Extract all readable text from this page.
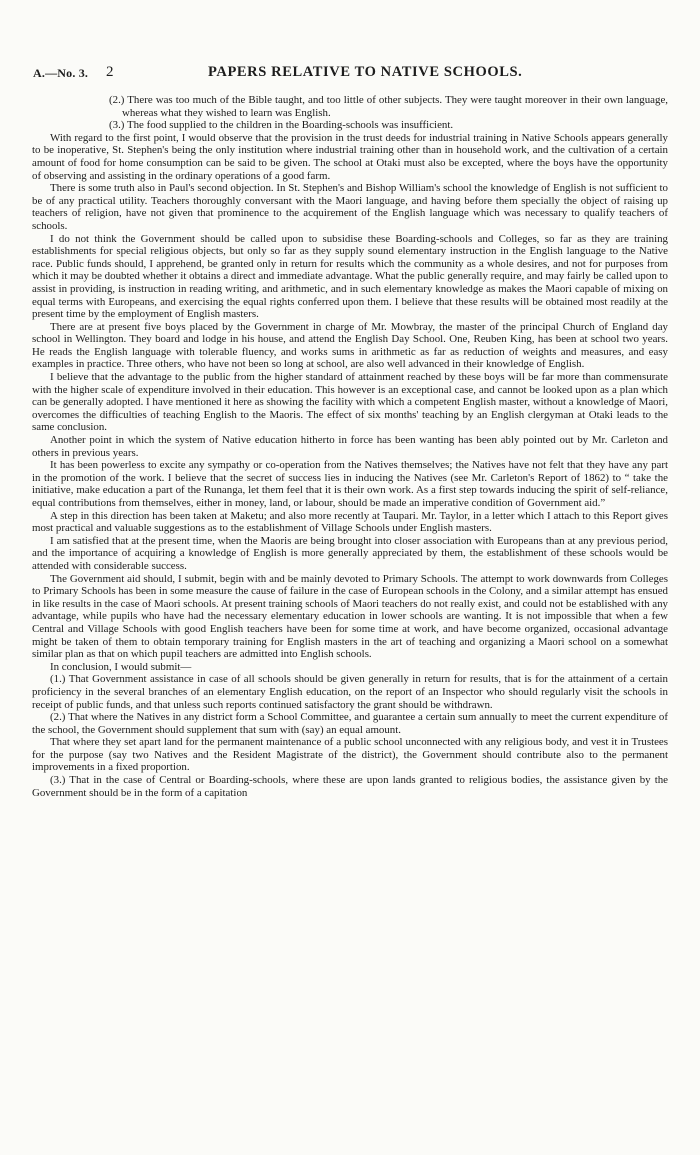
A.—No. 3. 2	PAPERS RELATIVE TO NATIVE SCHOOLS.

(2.) There was too much of the Bible taught, and too little of other subjects. They were taught moreover in their own language, whereas what they wished to learn was English.

(3.) The food supplied to the children in the Boarding-schools was insufficient.

With regard to the first point, I would observe that the provision in the trust deeds for industrial training in Native Schools appears generally to be inoperative, St. Stephen's being the only institution where industrial training other than in household work, and the cultivation of a certain amount of food for home consumption can be said to be given. The school at Otaki must also be excepted, where the boys have the opportunity of observing and assisting in the ordinary operations of a good farm.

There is some truth also in Paul's second objection. In St. Stephen's and Bishop William's school the knowledge of English is not sufficient to be of any practical utility. Teachers thoroughly conversant with the Maori language, and having before them specially the object of raising up teachers of religion, have not given that prominence to the acquirement of the English language which was necessary to qualify teachers of schools.

I do not think the Government should be called upon to subsidise these Boarding-schools and Colleges, so far as they are training establishments for special religious objects, but only so far as they supply sound elementary instruction in the English language to the Native race. Public funds should, I apprehend, be granted only in return for results which the community as a whole desires, and not for purposes from which it may be doubted whether it obtains a direct and immediate advantage. What the public generally require, and may fairly be called upon to assist in providing, is instruction in reading writing, and arithmetic, and in such elementary knowledge as makes the Maori capable of mixing on equal terms with Europeans, and exercising the equal rights conferred upon them. I believe that these results will be obtained most readily at the present time by the employment of English masters.

There are at present five boys placed by the Government in charge of Mr. Mowbray, the master of the principal Church of England day school in Wellington. They board and lodge in his house, and attend the English Day School. One, Reuben King, has been at school two years. He reads the English language with tolerable fluency, and works sums in arithmetic as far as reduction of weights and measures, and easy examples in practice. Three others, who have not been so long at school, are also well advanced in their knowledge of English.

I believe that the advantage to the public from the higher standard of attainment reached by these boys will be far more than commensurate with the higher scale of expenditure involved in their education. This however is an exceptional case, and cannot be looked upon as a plan which can be generally adopted. I have mentioned it here as showing the facility with which a competent English master, without a knowledge of Maori, overcomes the difficulties of teaching English to the Maoris. The effect of six months' teaching by an English clergyman at Otaki leads to the same conclusion.

Another point in which the system of Native education hitherto in force has been wanting has been ably pointed out by Mr. Carleton and others in previous years.

It has been powerless to excite any sympathy or co-operation from the Natives themselves; the Natives have not felt that they have any part in the promotion of the work. I believe that the secret of success lies in inducing the Natives (see Mr. Carleton's Report of 1862) to “ take the initiative, make education a part of the Runanga, let them feel that it is their own work. As a first step towards inducing the spirit of self-reliance, equal contributions from themselves, either in money, land, or labour, should be made an imperative condition of Government aid.”

A step in this direction has been taken at Maketu; and also more recently at Taupari. Mr. Taylor, in a letter which I attach to this Report gives most practical and valuable suggestions as to the establishment of Village Schools under English masters.

I am satisfied that at the present time, when the Maoris are being brought into closer association with Europeans than at any previous period, and the importance of acquiring a knowledge of English is more generally appreciated by them, the establishment of these schools would be attended with considerable success.

The Government aid should, I submit, begin with and be mainly devoted to Primary Schools. The attempt to work downwards from Colleges to Primary Schools has been in some measure the cause of failure in the case of European schools in the Colony, and a similar attempt has ensued in like results in the case of Maori schools. At present training schools of Maori teachers do not really exist, and could not be established with any advantage, while pupils who have had the necessary elementary education in lower schools are wanting. It is not impossible that when a few Central and Village Schools with good English teachers have been for some time at work, and have become organized, occasional advantage might be taken of them to obtain temporary training for English masters in the art of teaching and organizing a Maori school on a somewhat similar plan as that on which pupil teachers are admitted into English schools.

In conclusion, I would submit—

(1.) That Government assistance in case of all schools should be given generally in return for results, that is for the attainment of a certain proficiency in the several branches of an elementary English education, on the report of an Inspector who should regularly visit the schools in receipt of public funds, and that unless such reports continued satisfactory the grant should be withdrawn.

(2.) That where the Natives in any district form a School Committee, and guarantee a certain sum annually to meet the current expenditure of the school, the Government should supplement that sum with (say) an equal amount.

That where they set apart land for the permanent maintenance of a public school unconnected with any religious body, and vest it in Trustees for the purpose (say two Natives and the Resident Magistrate of the district), the Government should contribute also to the permanent improvements in a fixed proportion.

(3.) That in the case of Central or Boarding-schools, where these are upon lands granted to religious bodies, the assistance given by the Government should be in the form of a capitation
